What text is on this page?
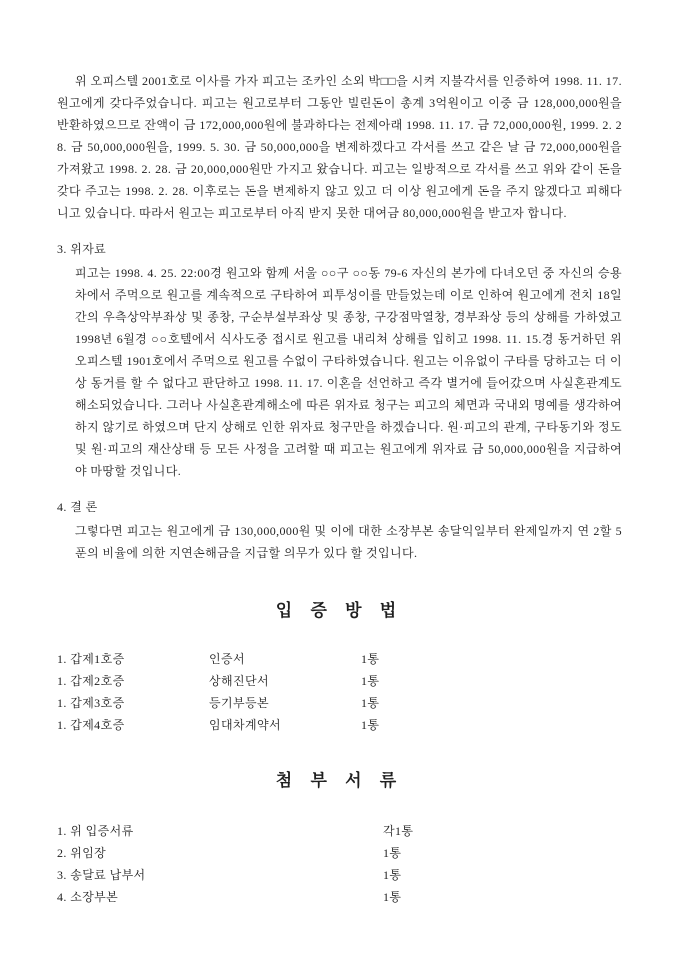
위 오피스텔 2001호로 이사를 가자 피고는 조카인 소외 박□□을 시켜 지불각서를 인증하여 1998. 11. 17. 원고에게 갖다주었습니다. 피고는 원고로부터 그동안 빌린돈이 총계 3억원이고 이중 금 128,000,000원을 반환하였으므로 잔액이 금 172,000,000원에 불과하다는 전제아래 1998. 11. 17. 금 72,000,000원, 1999. 2. 28. 금 50,000,000원을, 1999. 5. 30. 금 50,000,000을 변제하겠다고 각서를 쓰고 같은 날 금 72,000,000원을 가져왔고 1998. 2. 28. 금 20,000,000원만 가지고 왔습니다. 피고는 일방적으로 각서를 쓰고 위와 같이 돈을 갖다 주고는 1998. 2. 28. 이후로는 돈을 변제하지 않고 있고 더 이상 원고에게 돈을 주지 않겠다고 피해다니고 있습니다. 따라서 원고는 피고로부터 아직 받지 못한 대여금 80,000,000원을 받고자 합니다.

3. 위자료

피고는 1998. 4. 25. 22:00경 원고와 함께 서울 ○○구 ○○동 79-6 자신의 본가에 다녀오던 중 자신의 승용차에서 주먹으로 원고를 계속적으로 구타하여 피투성이를 만들었는데 이로 인하여 원고에게 전치 18일간의 우측상악부좌상 및 종창, 구순부설부좌상 및 종창, 구강점막열창, 경부좌상 등의 상해를 가하였고 1998년 6월경 ○○호텔에서 식사도중 접시로 원고를 내리쳐 상해를 입히고 1998. 11. 15.경 동거하던 위 오피스텔 1901호에서 주먹으로 원고를 수없이 구타하였습니다. 원고는 이유없이 구타를 당하고는 더 이상 동거를 할 수 없다고 판단하고 1998. 11. 17. 이혼을 선언하고 즉각 별거에 들어갔으며 사실혼관계도 해소되었습니다. 그러나 사실혼관계해소에 따른 위자료 청구는 피고의 체면과 국내외 명예를 생각하여 하지 않기로 하였으며 단지 상해로 인한 위자료 청구만을 하겠습니다. 원·피고의 관계, 구타동기와 정도 및 원·피고의 재산상태 등 모든 사정을 고려할 때 피고는 원고에게 위자료 금 50,000,000원을 지급하여야 마땅할 것입니다.

4. 결 론

그렇다면 피고는 원고에게 금 130,000,000원 및 이에 대한 소장부본 송달익일부터 완제일까지 연 2할 5푼의 비율에 의한 지연손해금을 지급할 의무가 있다 할 것입니다.

입 증 방 법
1. 갑제1호증	인증서	1통
1. 갑제2호증	상해진단서	1통
1. 갑제3호증	등기부등본	1통
1. 갑제4호증	임대차계약서	1통
첨 부 서 류
1. 위 입증서류	각1통
2. 위임장	1통
3. 송달료 납부서	1통
4. 소장부본	1통
